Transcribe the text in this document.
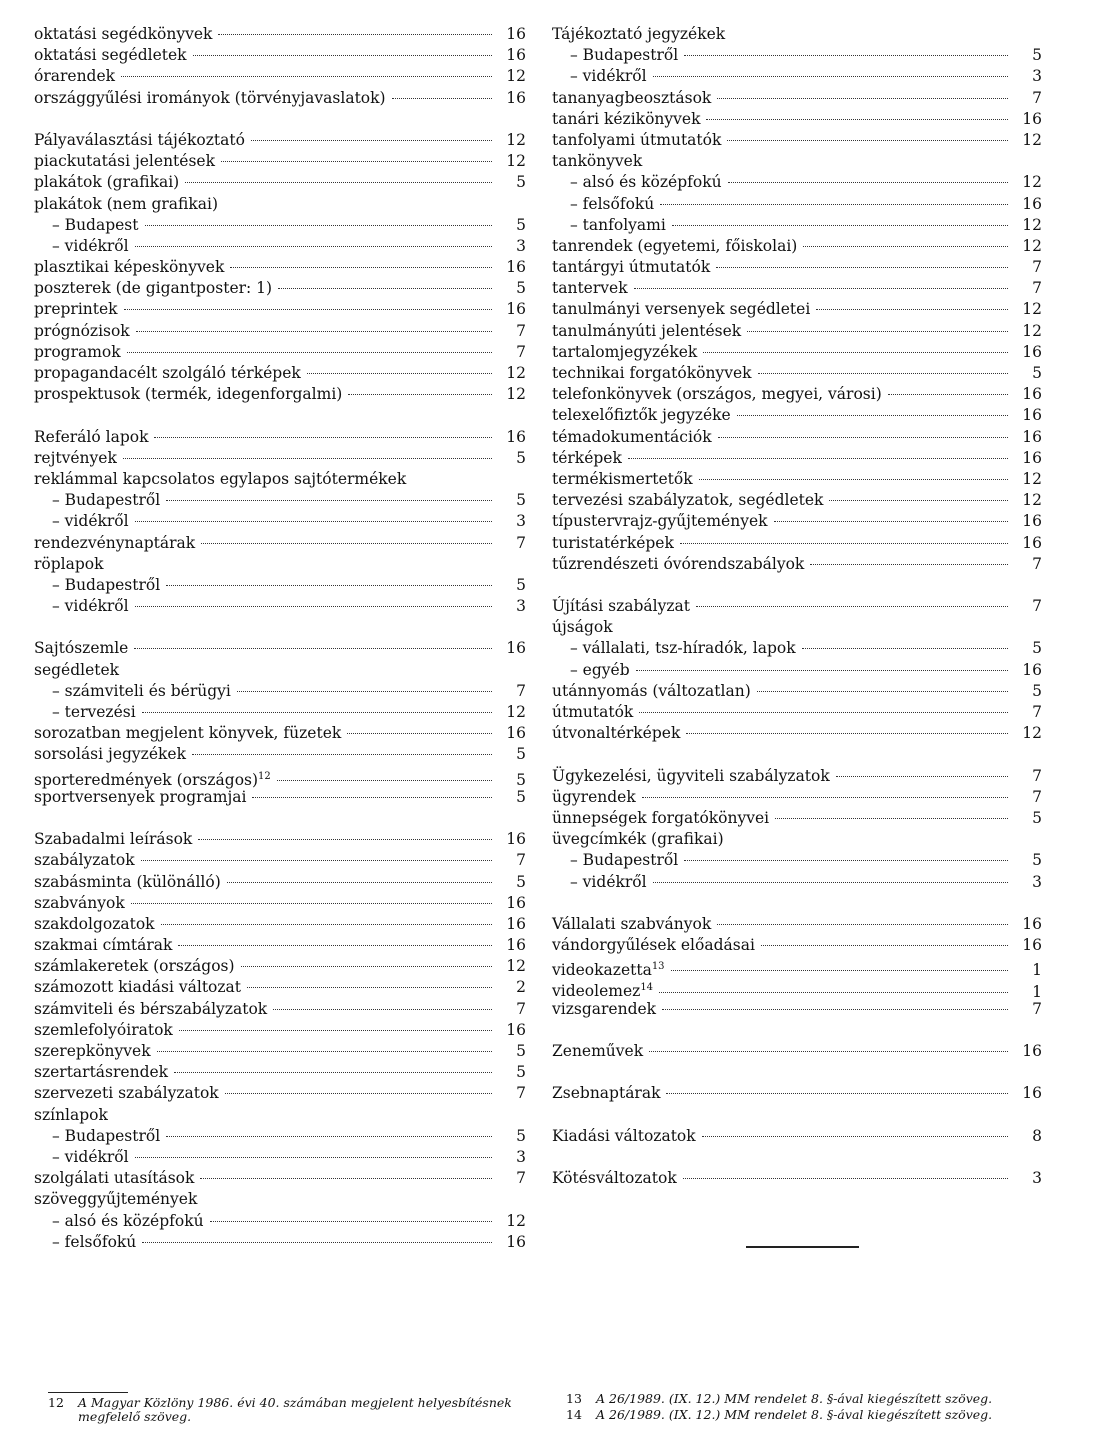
oktatási segédkönyvek	16
oktatási segédletek	16
órarendek	12
országgyűlési irományok (törvényjavaslatok)	16
Pályaválasztási tájékoztató	12
piackutatási jelentések	12
plakátok (grafikai)	5
plakátok (nem grafikai)
– Budapest	5
– vidékről	3
plasztikai képeskönyvek	16
poszterek (de gigantposter: 1)	5
preprintek	16
prógnózisok	7
programok	7
propagandacélt szolgáló térképek	12
prospektusok (termék, idegenforgalmi)	12
Referáló lapok	16
rejtvények	5
reklámmal kapcsolatos egylapos sajtótermékek
– Budapestről	5
– vidékről	3
rendezvénynaptárak	7
röplapok
– Budapestről	5
– vidékről	3
Sajtószemle	16
segédletek
– számviteli és bérügyi	7
– tervezési	12
sorozatban megjelent könyvek, füzetek	16
sorsolási jegyzékek	5
sporteredmények (országos)$^{12}$	5
sportversenyek programjai	5
Szabadalmi leírások	16
szabályzatok	7
szabásminta (különálló)	5
szabványok	16
szakdolgozatok	16
szakmai címtárak	16
számlakeretek (országos)	12
számozott kiadási változat	2
számviteli és bérszabályzatok	7
szemlefolyóiratok	16
szerepkönyvek	5
szertartásrendek	5
szervezeti szabályzatok	7
színlapok
– Budapestről	5
– vidékről	3
szolgálati utasítások	7
szöveggyűjtemények
– alsó és középfokú	12
– felsőfokú	16
Tájékoztató jegyzékek
– Budapestről	5
– vidékről	3
tananyagbeosztások	7
tanári kézikönyvek	16
tanfolyami útmutatók	12
tankönyvek
– alsó és középfokú	12
– felsőfokú	16
– tanfolyami	12
tanrendek (egyetemi, főiskolai)	12
tantárgyi útmutatók	7
tantervek	7
tanulmányi versenyek segédletei	12
tanulmányúti jelentések	12
tartalomjegyzékek	16
technikai forgatókönyvek	5
telefonkönyvek (országos, megyei, városi)	16
telexelőfiztők jegyzéke	16
témadokumentációk	16
térképek	16
termékismertetők	12
tervezési szabályzatok, segédletek	12
típustervrajz-gyűjtemények	16
turistatérképek	16
tűzrendészeti óvórendszabályok	7
Újítási szabályzat	7
újságok
– vállalati, tsz-híradók, lapok	5
– egyéb	16
utánnyomás (változatlan)	5
útmutatók	7
útvonaltérképek	12
Ügykezelési, ügyviteli szabályzatok	7
ügyrendek	7
ünnepségek forgatókönyvei	5
üvegcímkék (grafikai)
– Budapestről	5
– vidékről	3
Vállalati szabványok	16
vándorgyűlések előadásai	16
videokazetta$^{13}$	1
videolemez$^{14}$	1
vizsgarendek	7
Zeneművek	16
Zsebnaptárak	16
Kiadási változatok	8
Kötésváltozatok	3
12	A Magyar Közlöny 1986. évi 40. számában megjelent helyesbítésnek megfelelő szöveg.
13	A 26/1989. (IX. 12.) MM rendelet 8. §-ával kiegészített szöveg.
14	A 26/1989. (IX. 12.) MM rendelet 8. §-ával kiegészített szöveg.
